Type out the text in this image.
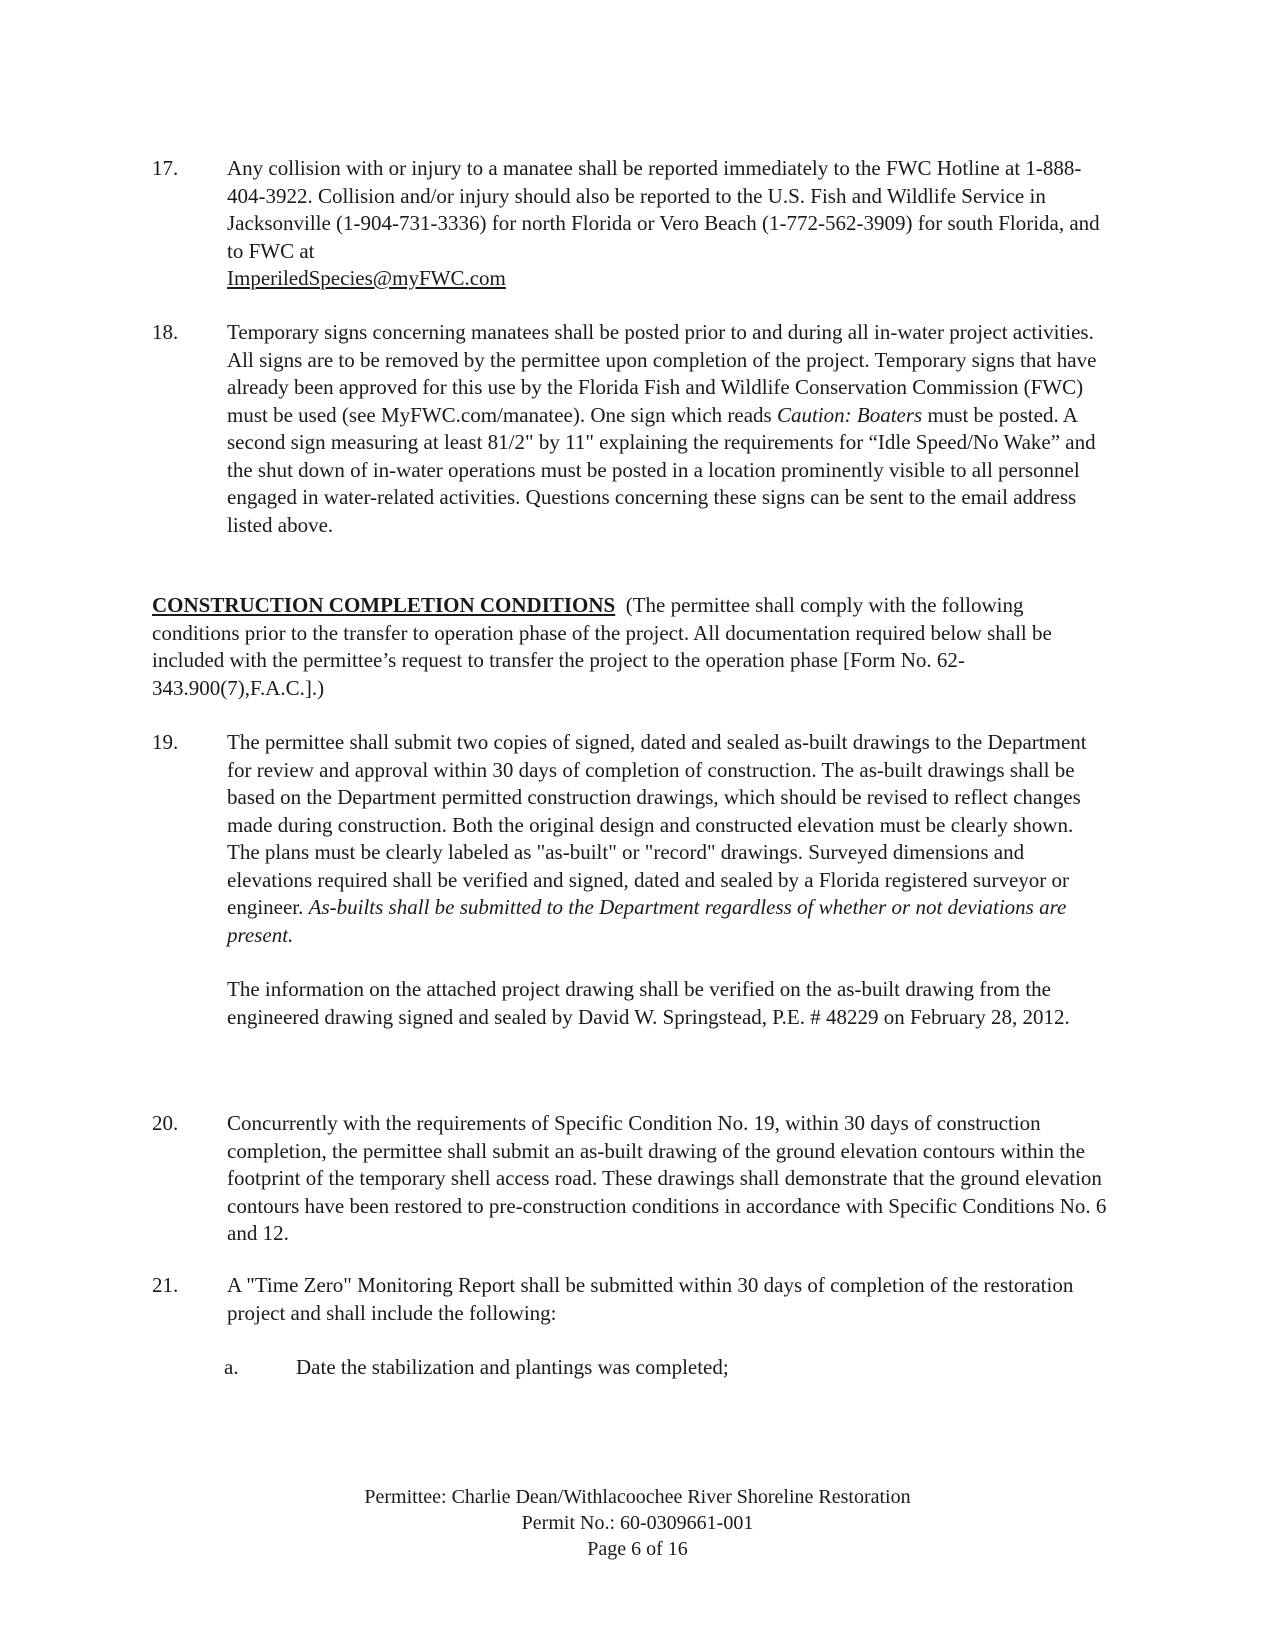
17. Any collision with or injury to a manatee shall be reported immediately to the FWC Hotline at 1-888-404-3922. Collision and/or injury should also be reported to the U.S. Fish and Wildlife Service in Jacksonville (1-904-731-3336) for north Florida or Vero Beach (1-772-562-3909) for south Florida, and to FWC at
ImperiledSpecies@myFWC.com

18. Temporary signs concerning manatees shall be posted prior to and during all in-water project activities. All signs are to be removed by the permittee upon completion of the project. Temporary signs that have already been approved for this use by the Florida Fish and Wildlife Conservation Commission (FWC) must be used (see MyFWC.com/manatee). One sign which reads Caution: Boaters must be posted. A second sign measuring at least 81/2" by 11" explaining the requirements for “Idle Speed/No Wake” and the shut down of in-water operations must be posted in a location prominently visible to all personnel engaged in water-related activities. Questions concerning these signs can be sent to the email address listed above.

CONSTRUCTION COMPLETION CONDITIONS (The permittee shall comply with the following conditions prior to the transfer to operation phase of the project. All documentation required below shall be included with the permittee’s request to transfer the project to the operation phase [Form No. 62-343.900(7),F.A.C.].)

19. The permittee shall submit two copies of signed, dated and sealed as-built drawings to the Department for review and approval within 30 days of completion of construction. The as-built drawings shall be based on the Department permitted construction drawings, which should be revised to reflect changes made during construction. Both the original design and constructed elevation must be clearly shown. The plans must be clearly labeled as "as-built" or "record" drawings. Surveyed dimensions and elevations required shall be verified and signed, dated and sealed by a Florida registered surveyor or engineer. As-builts shall be submitted to the Department regardless of whether or not deviations are present.

The information on the attached project drawing shall be verified on the as-built drawing from the engineered drawing signed and sealed by David W. Springstead, P.E. # 48229 on February 28, 2012.

20. Concurrently with the requirements of Specific Condition No. 19, within 30 days of construction completion, the permittee shall submit an as-built drawing of the ground elevation contours within the footprint of the temporary shell access road. These drawings shall demonstrate that the ground elevation contours have been restored to pre-construction conditions in accordance with Specific Conditions No. 6 and 12.

21. A "Time Zero" Monitoring Report shall be submitted within 30 days of completion of the restoration project and shall include the following:

a.	Date the stabilization and plantings was completed;
Permittee: Charlie Dean/Withlacoochee River Shoreline Restoration
Permit No.: 60-0309661-001
Page 6 of 16
